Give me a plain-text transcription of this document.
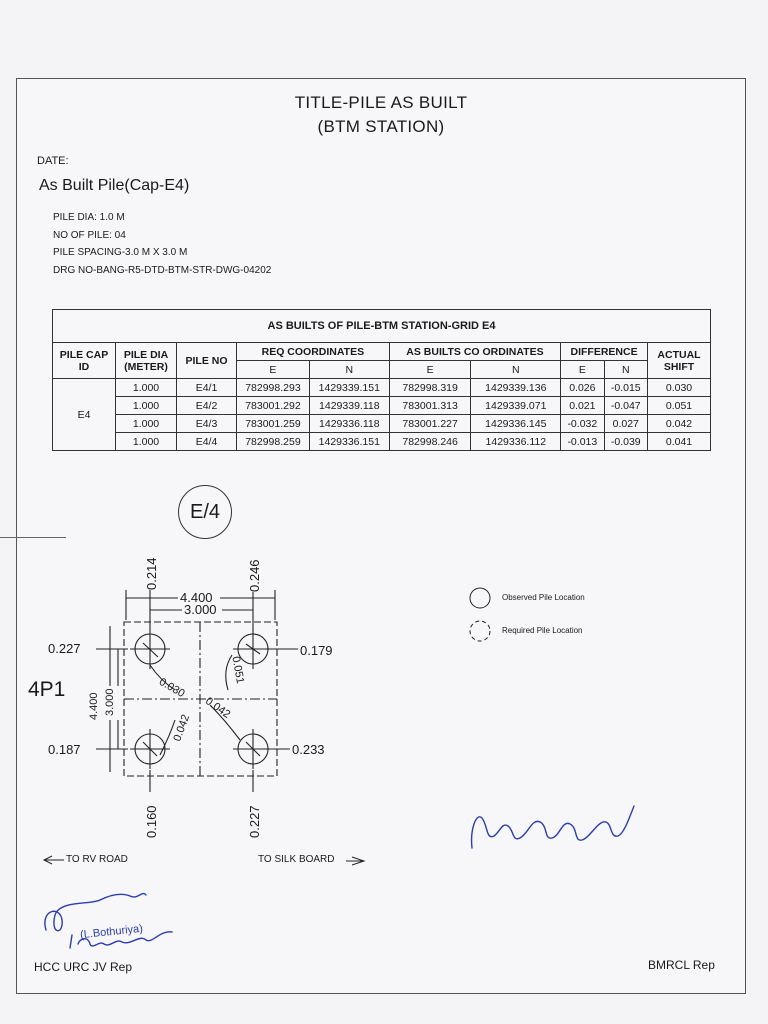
TITLE-PILE AS BUILT
(BTM STATION)
DATE:
As Built Pile(Cap-E4)
PILE DIA: 1.0 M
NO OF PILE: 04
PILE SPACING-3.0 M X 3.0 M
DRG NO-BANG-R5-DTD-BTM-STR-DWG-04202
AS BUILTS OF PILE-BTM STATION-GRID E4									
PILE CAP
ID	PILE DIA
(METER)	PILE NO	REQ COORDINATES		AS BUILTS CO ORDINATES		DIFFERENCE		ACTUAL
SHIFT
			E	N	E	N	E	N	
E4	1.000	E4/1	782998.293	1429339.151	782998.319	1429339.136	0.026	-0.015	0.030
	1.000	E4/2	783001.292	1429339.118	783001.313	1429339.071	0.021	-0.047	0.051
	1.000	E4/3	783001.259	1429336.118	783001.227	1429336.145	-0.032	0.027	0.042
	1.000	E4/4	782998.259	1429336.151	782998.246	1429336.112	-0.013	-0.039	0.041
E/4
4.400
3.000
0.214	0.246
0.160	0.227
0.227
0.187
0.179
0.233
4.400 3.000
0.030
0.051
0.042
0.042
4P1
Observed Pile Location
Required Pile Location
TO RV ROAD	TO SILK BOARD
(L.Bothuriya)
HCC URC JV Rep	BMRCL Rep
